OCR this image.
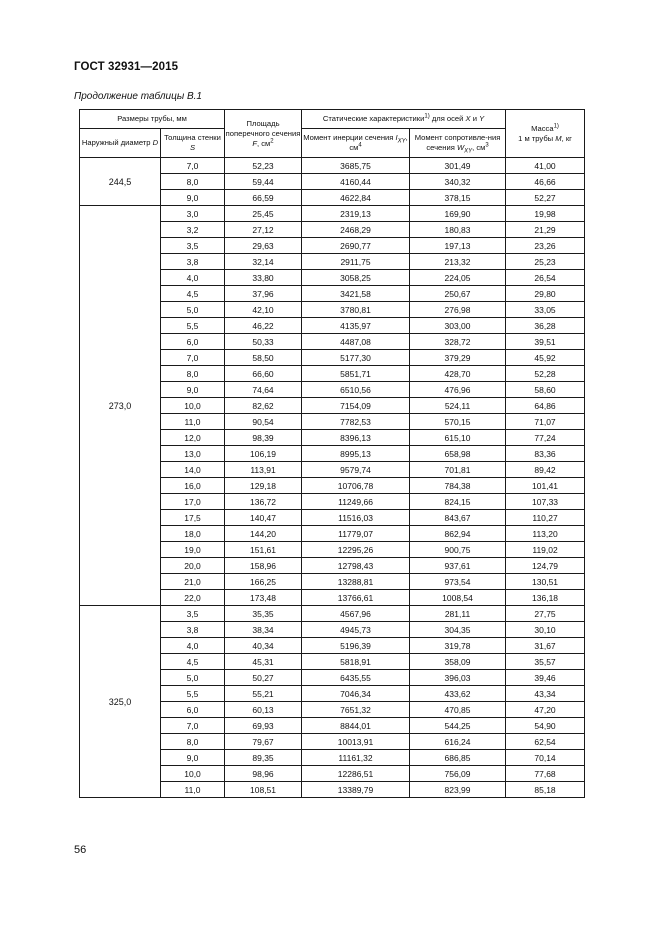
ГОСТ 32931—2015
Продолжение таблицы В.1
Размеры трубы, мм		Площадь поперечного сечения F, $см^2$	Статические характеристики$^{1)}$ для осей X и Y		Масса$^{1)}$
1 м трубы M, кг
Наружный диаметр D	Толщина стенки S		Момент инерции сечения $I_{XY}$, $см^4$	Момент сопротивле-ния сечения $W_{XY}$, $см^3$
244,5	7,0	52,23	3685,75	301,49	41,00
	8,0	59,44	4160,44	340,32	46,66
	9,0	66,59	4622,84	378,15	52,27
273,0	3,0	25,45	2319,13	169,90	19,98
	3,2	27,12	2468,29	180,83	21,29
	3,5	29,63	2690,77	197,13	23,26
	3,8	32,14	2911,75	213,32	25,23
	4,0	33,80	3058,25	224,05	26,54
	4,5	37,96	3421,58	250,67	29,80
	5,0	42,10	3780,81	276,98	33,05
	5,5	46,22	4135,97	303,00	36,28
	6,0	50,33	4487,08	328,72	39,51
	7,0	58,50	5177,30	379,29	45,92
	8,0	66,60	5851,71	428,70	52,28
	9,0	74,64	6510,56	476,96	58,60
	10,0	82,62	7154,09	524,11	64,86
	11,0	90,54	7782,53	570,15	71,07
	12,0	98,39	8396,13	615,10	77,24
	13,0	106,19	8995,13	658,98	83,36
	14,0	113,91	9579,74	701,81	89,42
	16,0	129,18	10706,78	784,38	101,41
	17,0	136,72	11249,66	824,15	107,33
	17,5	140,47	11516,03	843,67	110,27
	18,0	144,20	11779,07	862,94	113,20
	19,0	151,61	12295,26	900,75	119,02
	20,0	158,96	12798,43	937,61	124,79
	21,0	166,25	13288,81	973,54	130,51
	22,0	173,48	13766,61	1008,54	136,18
325,0	3,5	35,35	4567,96	281,11	27,75
	3,8	38,34	4945,73	304,35	30,10
	4,0	40,34	5196,39	319,78	31,67
	4,5	45,31	5818,91	358,09	35,57
	5,0	50,27	6435,55	396,03	39,46
	5,5	55,21	7046,34	433,62	43,34
	6,0	60,13	7651,32	470,85	47,20
	7,0	69,93	8844,01	544,25	54,90
	8,0	79,67	10013,91	616,24	62,54
	9,0	89,35	11161,32	686,85	70,14
	10,0	98,96	12286,51	756,09	77,68
	11,0	108,51	13389,79	823,99	85,18
56
